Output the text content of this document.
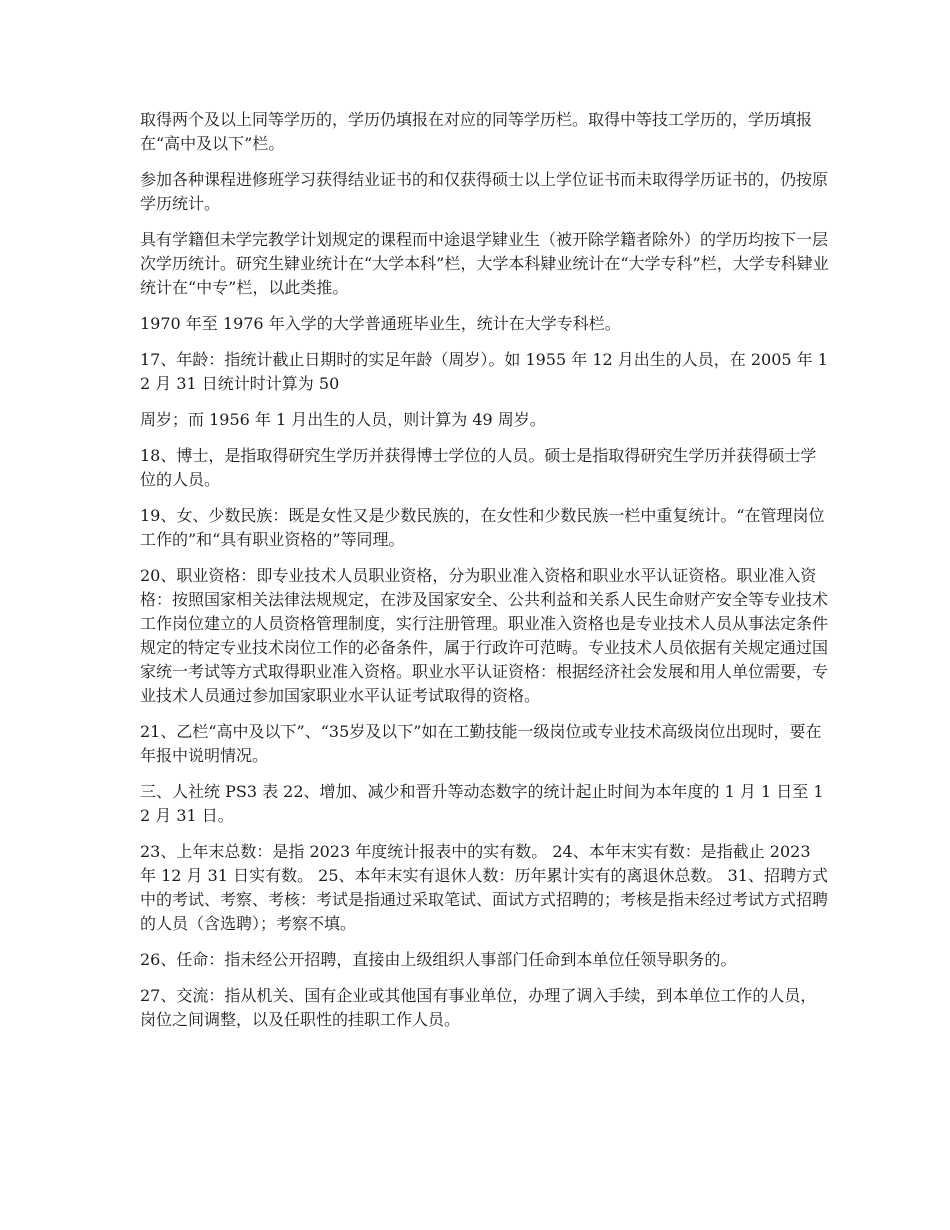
取得两个及以上同等学历的，学历仍填报在对应的同等学历栏。取得中等技工学历的，学历填报在“高中及以下”栏。

参加各种课程进修班学习获得结业证书的和仅获得硕士以上学位证书而未取得学历证书的，仍按原学历统计。

具有学籍但未学完教学计划规定的课程而中途退学肄业生（被开除学籍者除外）的学历均按下一层次学历统计。研究生肄业统计在“大学本科”栏，大学本科肄业统计在“大学专科”栏，大学专科肄业统计在“中专”栏，以此类推。

1970 年至 1976 年入学的大学普通班毕业生，统计在大学专科栏。

17、年龄：指统计截止日期时的实足年龄（周岁）。如 1955 年 12 月出生的人员，在 2005 年 12 月 31 日统计时计算为 50

周岁；而 1956 年 1 月出生的人员，则计算为 49 周岁。

18、博士，是指取得研究生学历并获得博士学位的人员。硕士是指取得研究生学历并获得硕士学位的人员。

19、女、少数民族：既是女性又是少数民族的，在女性和少数民族一栏中重复统计。“在管理岗位工作的”和“具有职业资格的”等同理。

20、职业资格：即专业技术人员职业资格，分为职业准入资格和职业水平认证资格。职业准入资格：按照国家相关法律法规规定，在涉及国家安全、公共利益和关系人民生命财产安全等专业技术工作岗位建立的人员资格管理制度，实行注册管理。职业准入资格也是专业技术人员从事法定条件规定的特定专业技术岗位工作的必备条件，属于行政许可范畴。专业技术人员依据有关规定通过国家统一考试等方式取得职业准入资格。职业水平认证资格：根据经济社会发展和用人单位需要，专业技术人员通过参加国家职业水平认证考试取得的资格。

21、乙栏“高中及以下”、“35岁及以下”如在工勤技能一级岗位或专业技术高级岗位出现时，要在年报中说明情况。

三、人社统 PS3 表 22、增加、减少和晋升等动态数字的统计起止时间为本年度的 1 月 1 日至 12 月 31 日。

23、上年末总数：是指 2023 年度统计报表中的实有数。 24、本年末实有数：是指截止 2023 年 12 月 31 日实有数。 25、本年末实有退休人数：历年累计实有的离退休总数。 31、招聘方式中的考试、考察、考核：考试是指通过采取笔试、面试方式招聘的；考核是指未经过考试方式招聘的人员（含选聘）；考察不填。

26、任命：指未经公开招聘，直接由上级组织人事部门任命到本单位任领导职务的。

27、交流：指从机关、国有企业或其他国有事业单位，办理了调入手续，到本单位工作的人员，岗位之间调整，以及任职性的挂职工作人员。
